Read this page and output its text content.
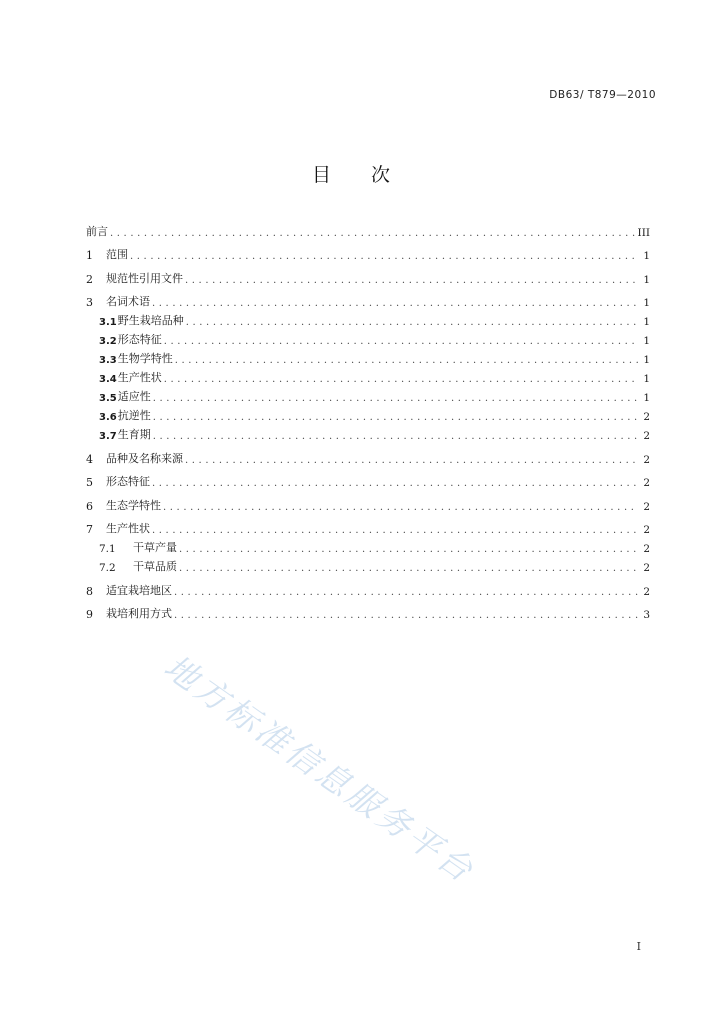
DB63/ T879—2010
目次
前言 .....	III
1	范围 .....	1
2	规范性引用文件 .....	1
3	名词术语 .....	1
3.1 野生栽培品种 .....	1
3.2 形态特征 .....	1
3.3 生物学特性 .....	1
3.4 生产性状 .....	1
3.5 适应性 .....	1
3.6 抗逆性 .....	2
3.7 生育期 .....	2
4	品种及名称来源 .....	2
5	形态特征 .....	2
6	生态学特性 .....	2
7	生产性状 .....	2
7.1	干草产量 .....	2
7.2	干草品质 .....	2
8	适宜栽培地区 .....	2
9	栽培利用方式 .....	3
地方标准信息服务平台
I
